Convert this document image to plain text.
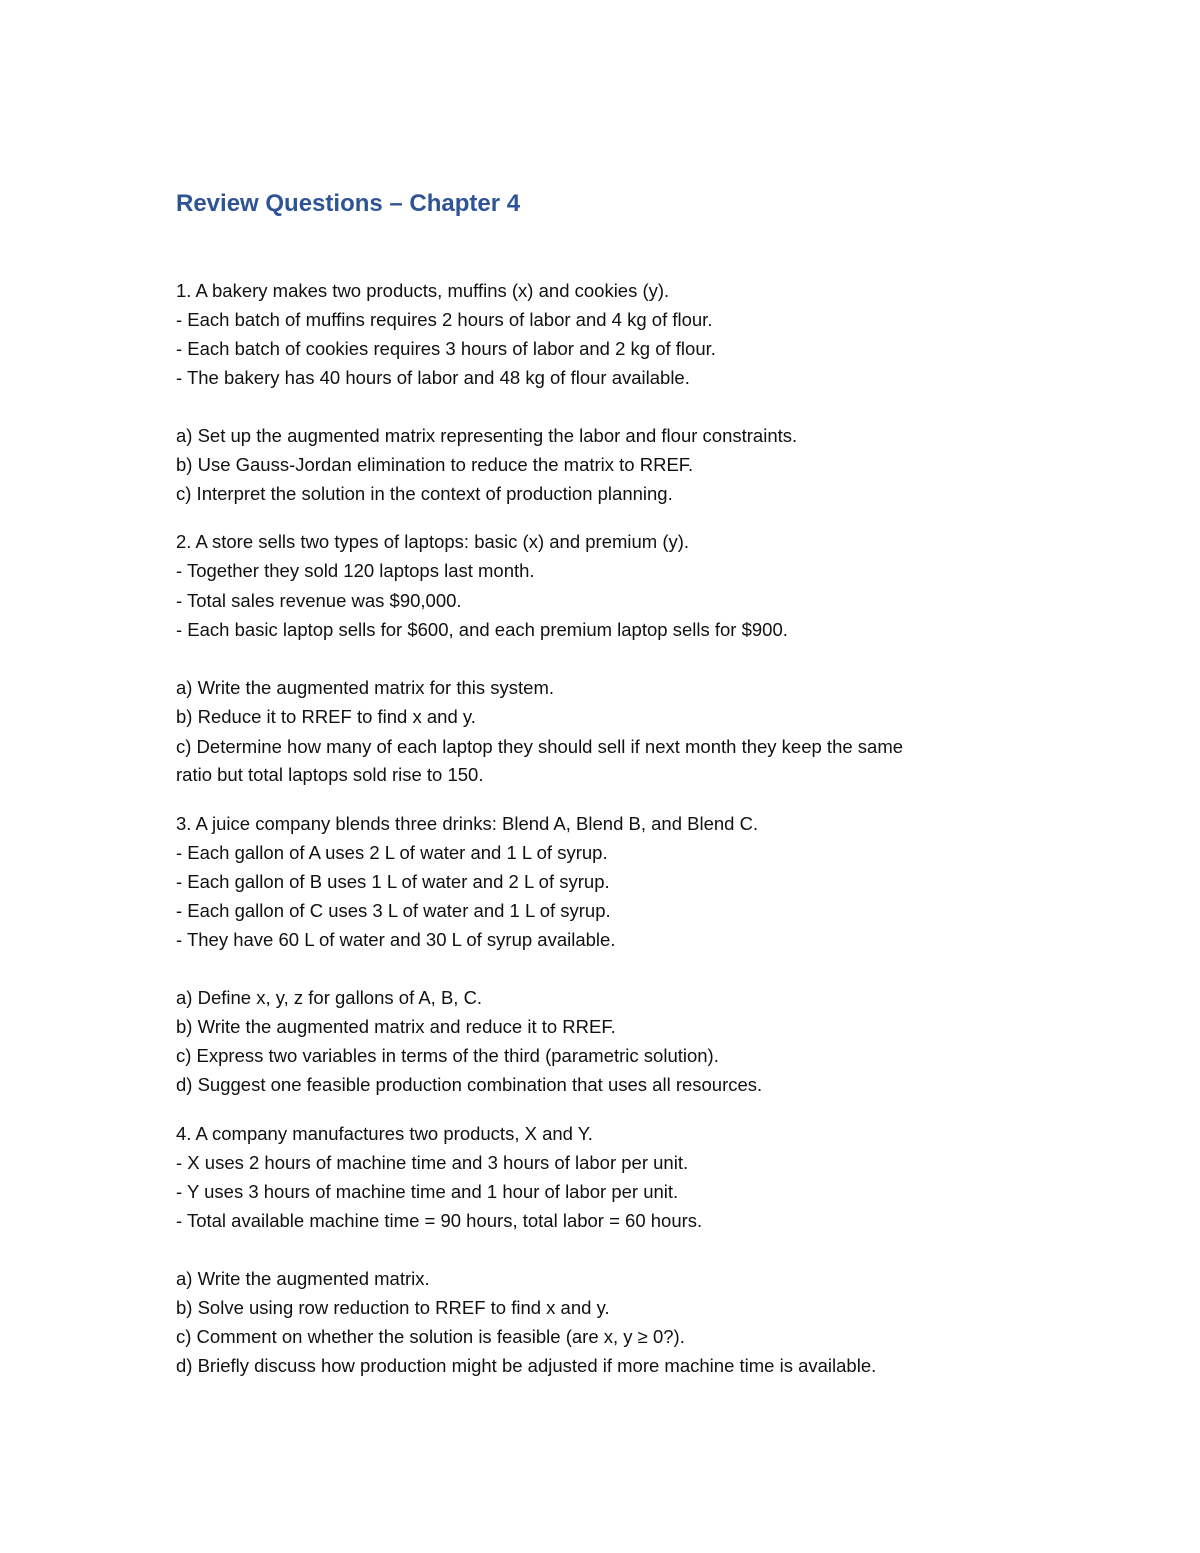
Review Questions – Chapter 4

1. A bakery makes two products, muffins (x) and cookies (y).

- Each batch of muffins requires 2 hours of labor and 4 kg of flour.

- Each batch of cookies requires 3 hours of labor and 2 kg of flour.

- The bakery has 40 hours of labor and 48 kg of flour available.

a) Set up the augmented matrix representing the labor and flour constraints.

b) Use Gauss-Jordan elimination to reduce the matrix to RREF.

c) Interpret the solution in the context of production planning.

2. A store sells two types of laptops: basic (x) and premium (y).

- Together they sold 120 laptops last month.

- Total sales revenue was $90,000.

- Each basic laptop sells for $600, and each premium laptop sells for $900.

a) Write the augmented matrix for this system.

b) Reduce it to RREF to find x and y.

c) Determine how many of each laptop they should sell if next month they keep the same

ratio but total laptops sold rise to 150.

3. A juice company blends three drinks: Blend A, Blend B, and Blend C.

- Each gallon of A uses 2 L of water and 1 L of syrup.

- Each gallon of B uses 1 L of water and 2 L of syrup.

- Each gallon of C uses 3 L of water and 1 L of syrup.

- They have 60 L of water and 30 L of syrup available.

a) Define x, y, z for gallons of A, B, C.

b) Write the augmented matrix and reduce it to RREF.

c) Express two variables in terms of the third (parametric solution).

d) Suggest one feasible production combination that uses all resources.

4. A company manufactures two products, X and Y.

- X uses 2 hours of machine time and 3 hours of labor per unit.

- Y uses 3 hours of machine time and 1 hour of labor per unit.

- Total available machine time = 90 hours, total labor = 60 hours.

a) Write the augmented matrix.

b) Solve using row reduction to RREF to find x and y.

c) Comment on whether the solution is feasible (are x, y ≥ 0?).

d) Briefly discuss how production might be adjusted if more machine time is available.
